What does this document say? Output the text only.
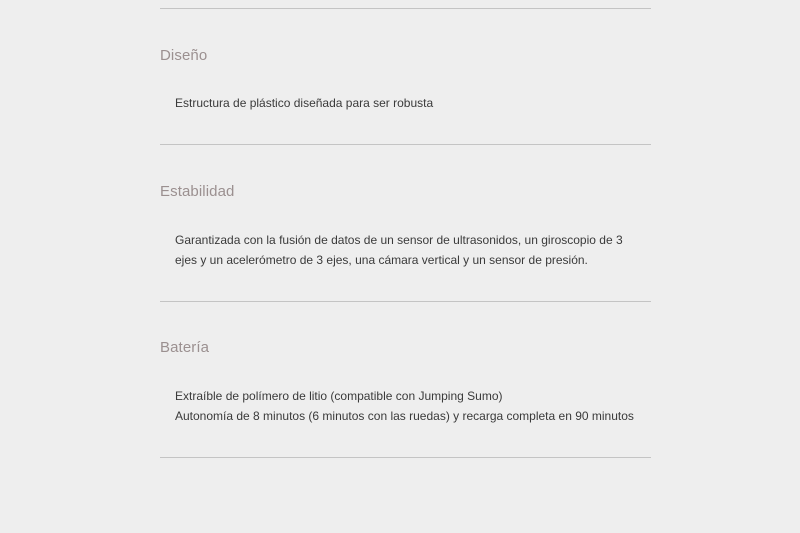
Diseño

Estructura de plástico diseñada para ser robusta

Estabilidad

Garantizada con la fusión de datos de un sensor de ultrasonidos, un giroscopio de 3
ejes y un acelerómetro de 3 ejes, una cámara vertical y un sensor de presión.

Batería

Extraíble de polímero de litio (compatible con Jumping Sumo)
Autonomía de 8 minutos (6 minutos con las ruedas) y recarga completa en 90 minutos
